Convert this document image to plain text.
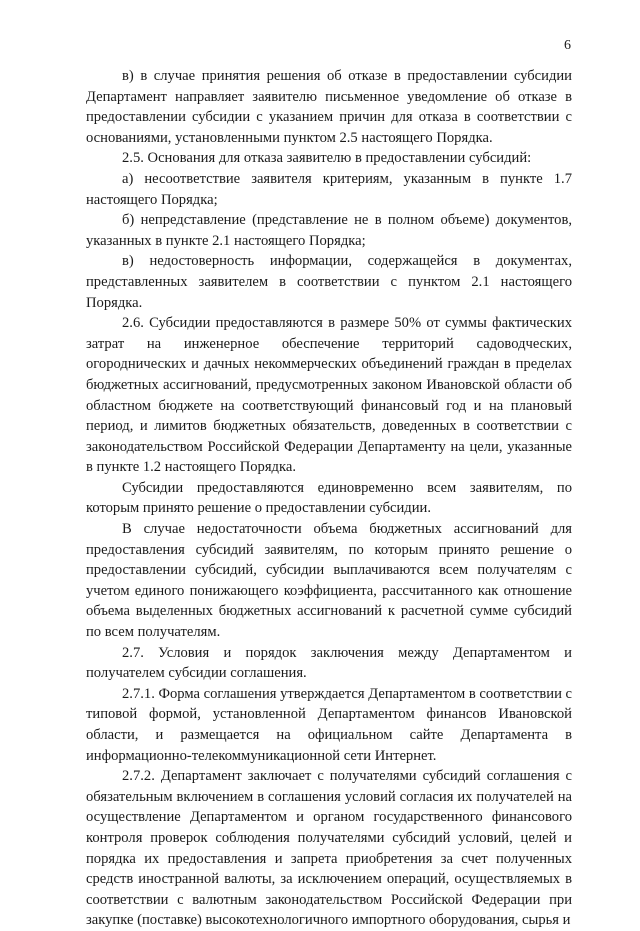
6

в) в случае принятия решения об отказе в предоставлении субсидии Департамент направляет заявителю письменное уведомление об отказе в предоставлении субсидии с указанием причин для отказа в соответствии с основаниями, установленными пунктом 2.5 настоящего Порядка.

2.5. Основания для отказа заявителю в предоставлении субсидий:

а) несоответствие заявителя критериям, указанным в пункте 1.7 настоящего Порядка;

б) непредставление (представление не в полном объеме) документов, указанных в пункте 2.1 настоящего Порядка;

в) недостоверность информации, содержащейся в документах, представленных заявителем в соответствии с пунктом 2.1 настоящего Порядка.

2.6. Субсидии предоставляются в размере 50% от суммы фактических затрат на инженерное обеспечение территорий садоводческих, огороднических и дачных некоммерческих объединений граждан в пределах бюджетных ассигнований, предусмотренных законом Ивановской области об областном бюджете на соответствующий финансовый год и на плановый период, и лимитов бюджетных обязательств, доведенных в соответствии с законодательством Российской Федерации Департаменту на цели, указанные в пункте 1.2 настоящего Порядка.

Субсидии предоставляются единовременно всем заявителям, по которым принято решение о предоставлении субсидии.

В случае недостаточности объема бюджетных ассигнований для предоставления субсидий заявителям, по которым принято решение о предоставлении субсидий, субсидии выплачиваются всем получателям с учетом единого понижающего коэффициента, рассчитанного как отношение объема выделенных бюджетных ассигнований к расчетной сумме субсидий по всем получателям.

2.7. Условия и порядок заключения между Департаментом и получателем субсидии соглашения.

2.7.1. Форма соглашения утверждается Департаментом в соответствии с типовой формой, установленной Департаментом финансов Ивановской области, и размещается на официальном сайте Департамента в информационно-телекоммуникационной сети Интернет.

2.7.2. Департамент заключает с получателями субсидий соглашения с обязательным включением в соглашения условий согласия их получателей на осуществление Департаментом и органом государственного финансового контроля проверок соблюдения получателями субсидий условий, целей и порядка их предоставления и запрета приобретения за счет полученных средств иностранной валюты, за исключением операций, осуществляемых в соответствии с валютным законодательством Российской Федерации при закупке (поставке) высокотехнологичного импортного оборудования, сырья и
